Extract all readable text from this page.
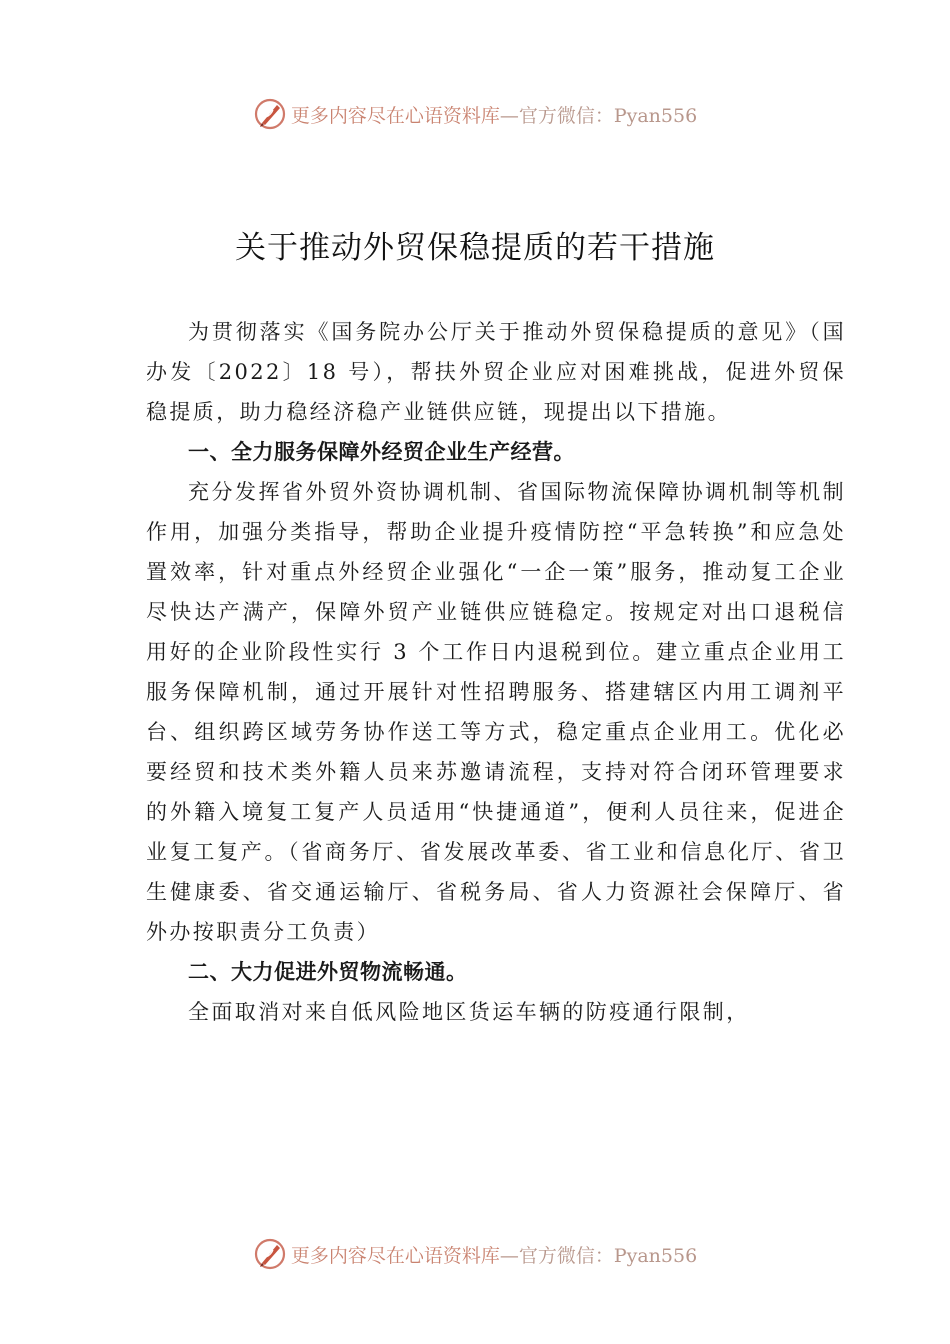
更多内容尽在心语资料库—官方微信：Pyan556
关于推动外贸保稳提质的若干措施

为贯彻落实《国务院办公厅关于推动外贸保稳提质的意见》（国办发〔2022〕18 号），帮扶外贸企业应对困难挑战，促进外贸保稳提质，助力稳经济稳产业链供应链，现提出以下措施。

一、全力服务保障外经贸企业生产经营。

充分发挥省外贸外资协调机制、省国际物流保障协调机制等机制作用，加强分类指导，帮助企业提升疫情防控“平急转换”和应急处置效率，针对重点外经贸企业强化“一企一策”服务，推动复工企业尽快达产满产，保障外贸产业链供应链稳定。按规定对出口退税信用好的企业阶段性实行 3 个工作日内退税到位。建立重点企业用工服务保障机制，通过开展针对性招聘服务、搭建辖区内用工调剂平台、组织跨区域劳务协作送工等方式，稳定重点企业用工。优化必要经贸和技术类外籍人员来苏邀请流程，支持对符合闭环管理要求的外籍入境复工复产人员适用“快捷通道”，便利人员往来，促进企业复工复产。（省商务厅、省发展改革委、省工业和信息化厅、省卫生健康委、省交通运输厅、省税务局、省人力资源社会保障厅、省外办按职责分工负责）

二、大力促进外贸物流畅通。

全面取消对来自低风险地区货运车辆的防疫通行限制，

更多内容尽在心语资料库—官方微信：Pyan556
